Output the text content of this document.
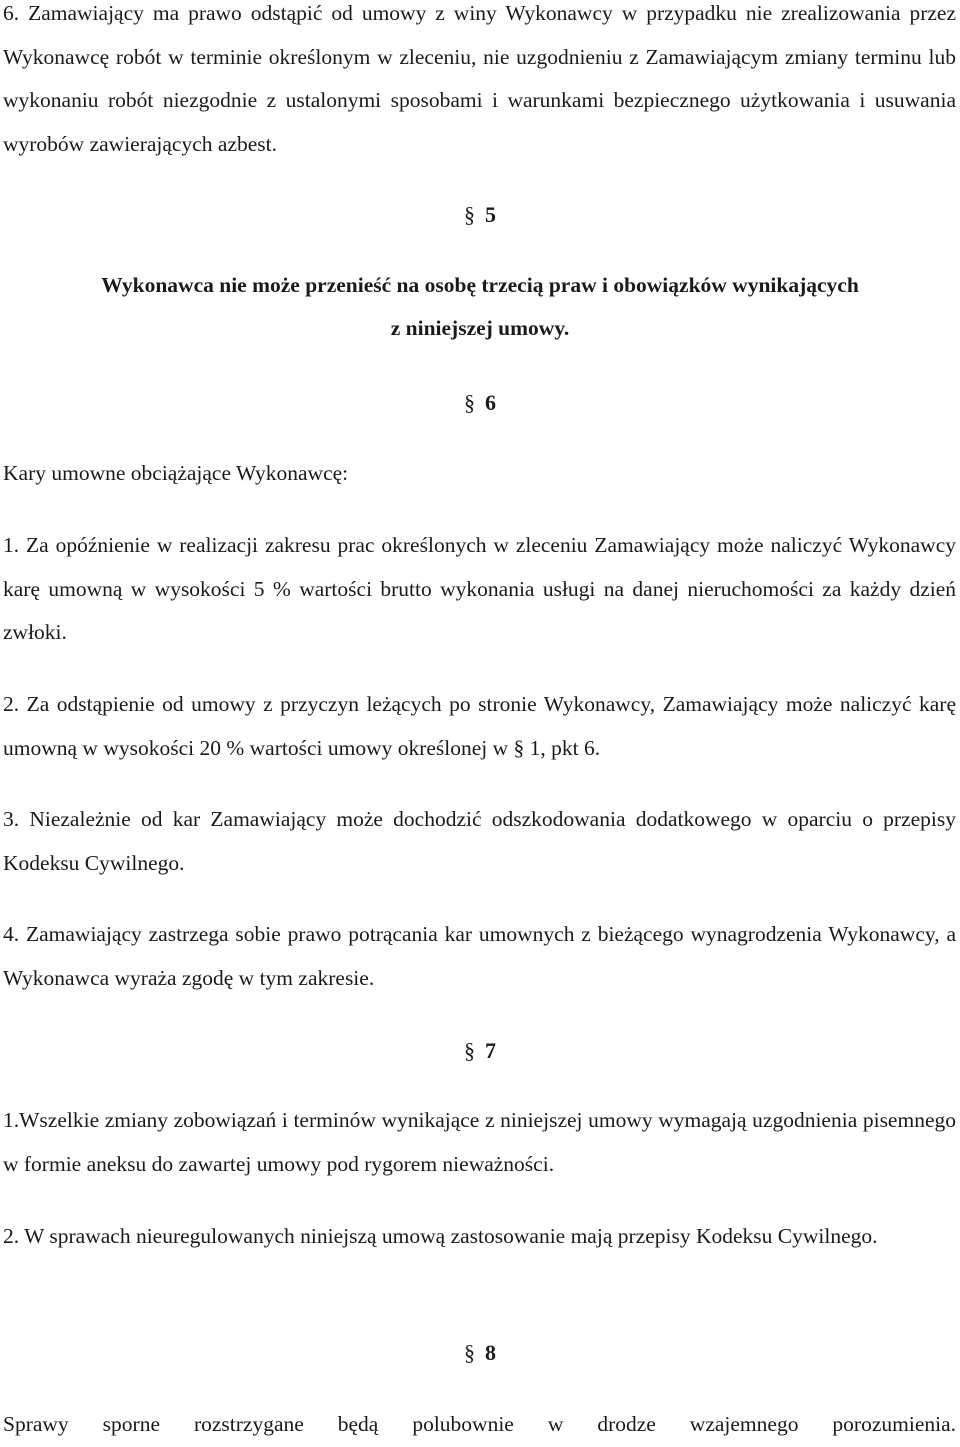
6. Zamawiający ma prawo odstąpić od umowy z winy Wykonawcy w przypadku nie zrealizowania przez Wykonawcę robót w terminie określonym w zleceniu, nie uzgodnieniu z Zamawiającym zmiany terminu lub wykonaniu robót niezgodnie z ustalonymi sposobami i warunkami bezpiecznego użytkowania i usuwania wyrobów zawierających azbest.

§ 5
Wykonawca nie może przenieść na osobę trzecią praw i obowiązków wynikających
z niniejszej umowy.
§ 6
Kary umowne obciążające Wykonawcę:

1. Za opóźnienie w realizacji zakresu prac określonych w zleceniu Zamawiający może naliczyć Wykonawcy karę umowną w wysokości 5 % wartości brutto wykonania usługi na danej nieruchomości za każdy dzień zwłoki.

2. Za odstąpienie od umowy z przyczyn leżących po stronie Wykonawcy, Zamawiający może naliczyć karę umowną w wysokości 20 % wartości umowy określonej w § 1, pkt 6.

3. Niezależnie od kar Zamawiający może dochodzić odszkodowania dodatkowego w oparciu o przepisy Kodeksu Cywilnego.

4. Zamawiający zastrzega sobie prawo potrącania kar umownych z bieżącego wynagrodzenia Wykonawcy, a Wykonawca wyraża zgodę w tym zakresie.

§ 7

1.Wszelkie zmiany zobowiązań i terminów wynikające z niniejszej umowy wymagają uzgodnienia pisemnego w formie aneksu do zawartej umowy pod rygorem nieważności.

2. W sprawach nieuregulowanych niniejszą umową zastosowanie mają przepisy Kodeksu Cywilnego.

§ 8

Sprawy sporne rozstrzygane będą polubownie w drodze wzajemnego porozumienia.
